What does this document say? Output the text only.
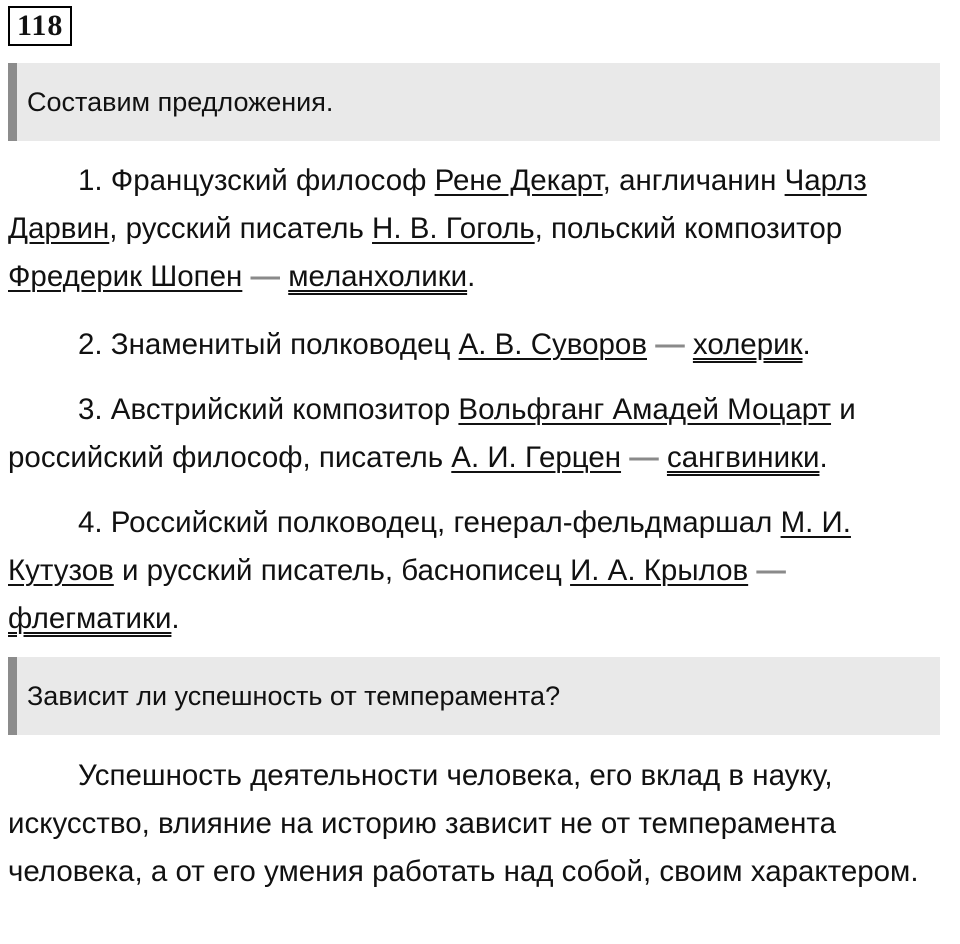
118
Составим предложения.

1. Французский философ Рене Декарт, англичанин Чарлз Дарвин, русский писатель Н. В. Гоголь, польский композитор Фредерик Шопен — меланхолики.

2. Знаменитый полководец А. В. Суворов — холерик.

3. Австрийский композитор Вольфганг Амадей Моцарт и российский философ, писатель А. И. Герцен — сангвиники.

4. Российский полководец, генерал-фельдмаршал М. И. Кутузов и русский писатель, баснописец И. А. Крылов — флегматики.

Зависит ли успешность от темперамента?

Успешность деятельности человека, его вклад в науку, искусство, влияние на историю зависит не от темперамента человека, а от его умения работать над собой, своим характером.
